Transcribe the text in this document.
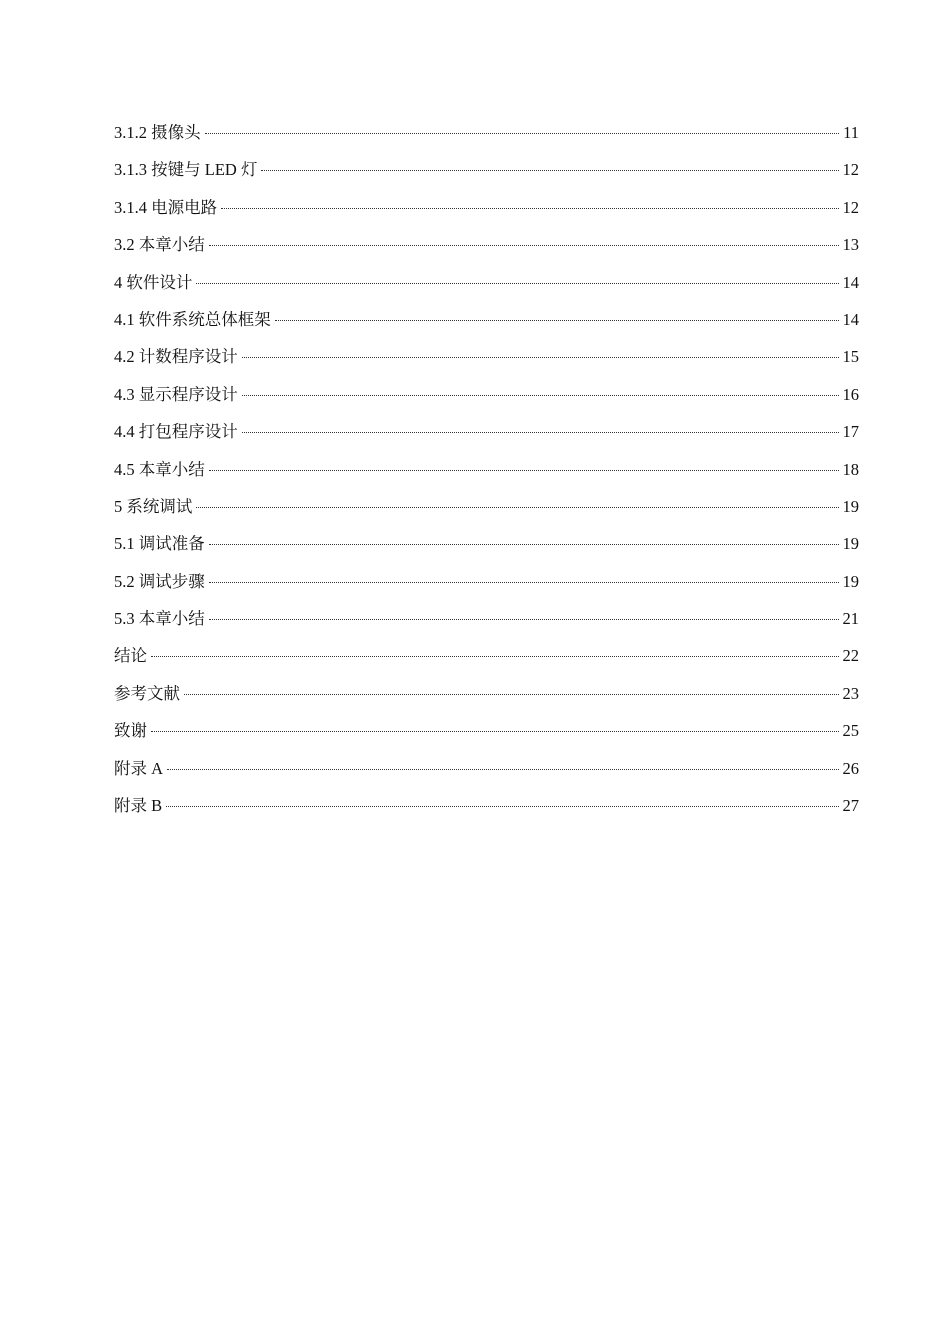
3.1.2 摄像头	11
3.1.3 按键与 LED 灯	12
3.1.4 电源电路	12
3.2 本章小结	13
4 软件设计	14
4.1 软件系统总体框架	14
4.2 计数程序设计	15
4.3 显示程序设计	16
4.4 打包程序设计	17
4.5 本章小结	18
5 系统调试	19
5.1 调试准备	19
5.2 调试步骤	19
5.3 本章小结	21
结论	22
参考文献	23
致谢	25
附录 A	26
附录 B	27
